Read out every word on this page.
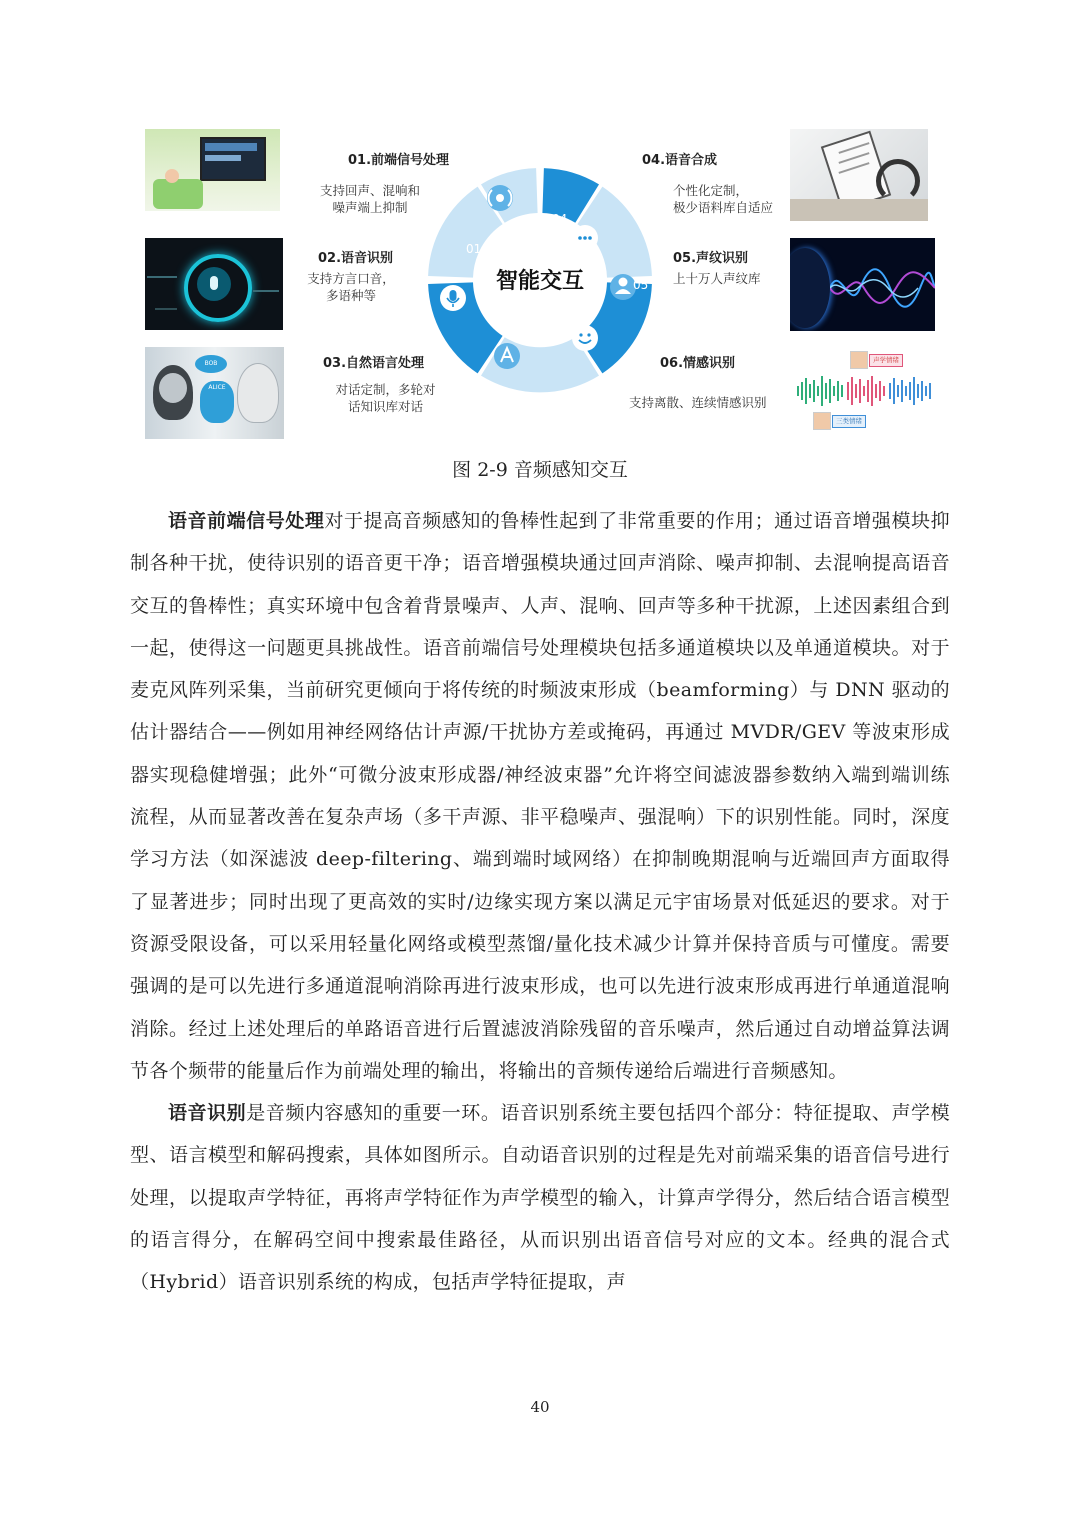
BOB
ALICE
声学情绪
三类情绪
01.前端信号处理
支持回声、混响和
噪声端上抑制
02.语音识别
支持方言口音，
多语种等
03.自然语言处理
对话定制，多轮对
话知识库对话
04.语音合成
个性化定制，
极少语料库自适应
05.声纹识别
上十万人声纹库
06.情感识别
支持离散、连续情感识别
01
04
05
06
02
智能交互
图 2-9 音频感知交互

语音前端信号处理对于提高音频感知的鲁棒性起到了非常重要的作用；通过语音增强模块抑制各种干扰，使待识别的语音更干净；语音增强模块通过回声消除、噪声抑制、去混响提高语音交互的鲁棒性；真实环境中包含着背景噪声、人声、混响、回声等多种干扰源，上述因素组合到一起，使得这一问题更具挑战性。语音前端信号处理模块包括多通道模块以及单通道模块。对于麦克风阵列采集，当前研究更倾向于将传统的时频波束形成（beamforming）与 DNN 驱动的估计器结合——例如用神经网络估计声源/干扰协方差或掩码，再通过 MVDR/GEV 等波束形成器实现稳健增强；此外“可微分波束形成器/神经波束器”允许将空间滤波器参数纳入端到端训练流程，从而显著改善在复杂声场（多干声源、非平稳噪声、强混响）下的识别性能。同时，深度学习方法（如深滤波 deep-filtering、端到端时域网络）在抑制晚期混响与近端回声方面取得了显著进步；同时出现了更高效的实时/边缘实现方案以满足元宇宙场景对低延迟的要求。对于资源受限设备，可以采用轻量化网络或模型蒸馏/量化技术减少计算并保持音质与可懂度。需要强调的是可以先进行多通道混响消除再进行波束形成，也可以先进行波束形成再进行单通道混响消除。经过上述处理后的单路语音进行后置滤波消除残留的音乐噪声，然后通过自动增益算法调节各个频带的能量后作为前端处理的输出，将输出的音频传递给后端进行音频感知。

语音识别是音频内容感知的重要一环。语音识别系统主要包括四个部分：特征提取、声学模型、语言模型和解码搜索，具体如图所示。自动语音识别的过程是先对前端采集的语音信号进行处理，以提取声学特征，再将声学特征作为声学模型的输入，计算声学得分，然后结合语言模型的语言得分，在解码空间中搜索最佳路径，从而识别出语音信号对应的文本。经典的混合式（Hybrid）语音识别系统的构成，包括声学特征提取，声

40
